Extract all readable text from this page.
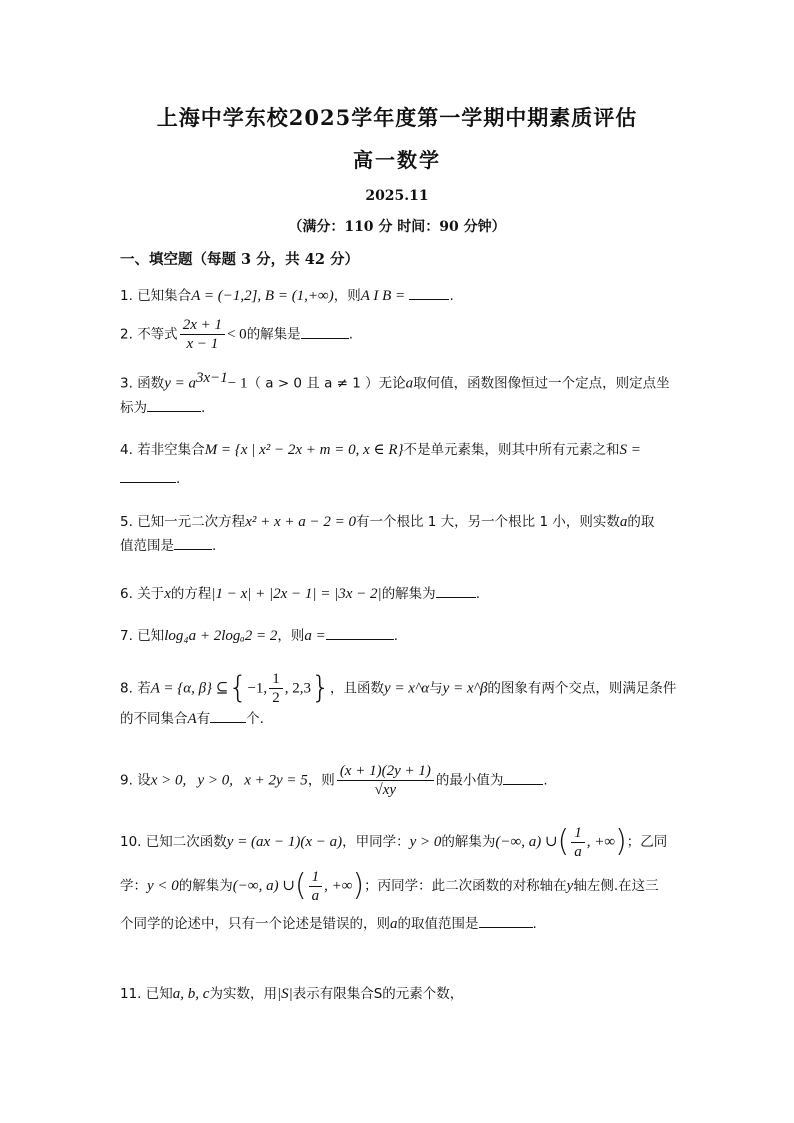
上海中学东校2025学年度第一学期中期素质评估
高一数学
2025.11
（满分：110 分 时间：90 分钟）
一、填空题（每题 3 分，共 42 分）
1. 已知集合A = (−1,2], B = (1,+∞)，则A I B =	.
2. 不等式 $\frac{2x + 1}{x - 1} < 0$的解集是	.
3. 函数$y = a^{3x-1}- 1$（ a > 0 且 a ≠ 1 ）无论a取何值，函数图像恒过一个定点，则定点坐
标为	.
4. 若非空集合M = {x | x² − 2x + m = 0, x ∈ R}不是单元素集，则其中所有元素之和S =
.
5. 已知一元二次方程x² + x + a − 2 = 0有一个根比 1 大，另一个根比 1 小，则实数a的取
值范围是	.
6. 关于x的方程|1 − x| + |2x − 1| = |3x − 2|的解集为	.
7. 已知log₄a + 2logₐ2 = 2，则a =	.
8. 若A = {α, β} ⊆{−1, $\frac{1}{2}$ , 2,3}，且函数y = x^α与y = x^β的图象有两个交点，则满足条件
的不同集合A有	个.
9. 设x > 0,   y > 0,   x + 2y = 5，则 $\frac{(x + 1)(2y + 1)}{√xy}$ 的最小值为	.
10. 已知二次函数y = (ax − 1)(x − a)，甲同学：y > 0的解集为(−∞, a) ∪( $\frac{1}{a}$ , +∞)；乙同
学：y < 0的解集为(−∞, a) ∪( $\frac{1}{a}$ , +∞)；丙同学：此二次函数的对称轴在y轴左侧.在这三
个同学的论述中，只有一个论述是错误的，则a的取值范围是	.
11. 已知a, b, c为实数，用|S|表示有限集合S的元素个数，
